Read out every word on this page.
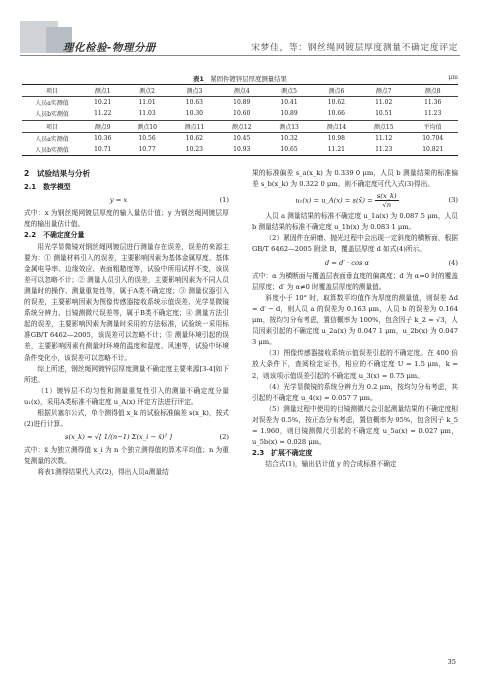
理化检验-物理分册	宋梦佳，等：钢丝绳网镀层厚度测量不确定度评定
表1　 紧固件镀锌层厚度测量结果	μm
项目	测点1	测点2	测点3	测点4	测点5	测点6	测点7	测点8
人员a实测值	10.21	11.01	10.63	10.89	10.41	10.62	11.02	11.36
人员b实测值	11.22	11.03	10.30	10.60	10.89	10.66	10.51	11.23
项目	测点9	测点10	测点11	测点12	测点13	测点14	测点15	平均值
人员a实测值	10.36	10.56	10.62	10.45	10.32	10.98	11.12	10.704
人员b实测值	10.71	10.77	10.23	10.93	10.65	11.21	11.23	10.821

2　试验结果与分析

2.1　数学模型

y = x	(1)

式中：x 为钢丝绳网镀层厚度的输入量估计值；y 为钢丝绳网镀层厚度的输出量估计值。

2.2　不确定度分量

用光学显微镜对钢丝绳网镀层进行测量存在误差，误差的来源主要为：① 测量材料引入的误差，主要影响因素为基体金属厚度、基体金属电导率、边缘效应、表面粗糙度等，试验中所用试样不变，该误差可以忽略不计；② 测量人员引入的误差，主要影响因素为不同人员测量时的操作、测量重复性等，属于A类不确定度；③ 测量仪器引入的误差，主要影响因素为图像传感器接收系统示值误差、光学显微镜系统分辨力、目镜测微尺误差等，属于B类不确定度；④ 测量方法引起的误差，主要影响因素为测量时采用的方法标准，试验统一采用标准GB/T 6462—2005，该误差可以忽略不计；⑤ 测量环境引起的误差，主要影响因素有测量时环境的温度和湿度、风速等，试验中环境条件变化小，该误差可以忽略不计。

综上所述，钢丝绳网镀锌层厚度测量不确定度主要来源[3-4]如下所述。

（1）镀锌层不均匀性和测量重复性引入的测量不确定度分量 u₁(x)，采用A类标准不确定度 u_A(x) 评定方法进行评定。

根据贝塞尔公式，单个测得值 x_k 的试验标准偏差 s(x_k)，按式(2)进行计算。

s(x_k) = √[ 1/(n−1) Σ(x_i − x̄)² ]	(2)

式中：x̄ 为独立测得值 x_i 为 n 个独立测得值的算术平均值；n 为重复测量的次数。

将表1测得结果代入式(2)，得出人员a测量结

果的标准偏差 s_a(x_k) 为 0.339 0 μm，人员 b 测量结果的标准偏差 s_b(x_k) 为 0.322 0 μm。则不确定度可代入式(3)得出。

u₁(x) = u_A(x) = s(x̄) = $\frac{s(x\_k)}{√n}$	(3)

人员 a 测量结果的标准不确定度 u_1a(x) 为 0.087 5 μm，人员 b 测量结果的标准不确定度 u_1b(x) 为 0.083 1 μm。

（2）紧固件在研磨、抛光过程中会出现一定斜度的横断面，根据 GB/T 6462—2005 附录 B，覆盖层厚度 d 如式(4)所示。

d = d′ · cos α	(4)

式中：α 为横断面与覆盖层表面垂直度的偏离度；d 为 α=0 时的覆盖层厚度；d′ 为 α≠0 时覆盖层厚度的测量值。

斜度小于 10° 时，取算数平均值作为厚度的测量值，则误差 Δd = d′ − d，则人员 a 的误差为 0.163 μm，人员 b 的误差为 0.164 μm，按均匀分布考虑，置信概率为 100%，包含因子 k_2 = √3，人员因素引起的不确定度 u_2a(x) 为 0.047 1 μm，u_2b(x) 为 0.047 3 μm。

（3）图像传感器接收系统示值误差引起的不确定度。在 400 倍放大条件下，查阅检定证书，相应的不确定度 U = 1.5 μm，k = 2，则该项示值误差引起的不确定度 u_3(x) = 0.75 μm。

（4）光学显微镜的系统分辨力为 0.2 μm，按均匀分布考虑，其引起的不确定度 u_4(x) = 0.057 7 μm。

（5）测量过程中使用的目镜测微尺会引起测量结果的不确定度相对误差为 0.5%，按正态分布考虑，置信概率为 95%，包含因子 k_5 = 1.960，则目镜测微尺引起的不确定度 u_5a(x) = 0.027 μm，u_5b(x) = 0.028 μm。

2.3　扩展不确定度

结合式(1)，输出估计值 y 的合成标准不确定

35
